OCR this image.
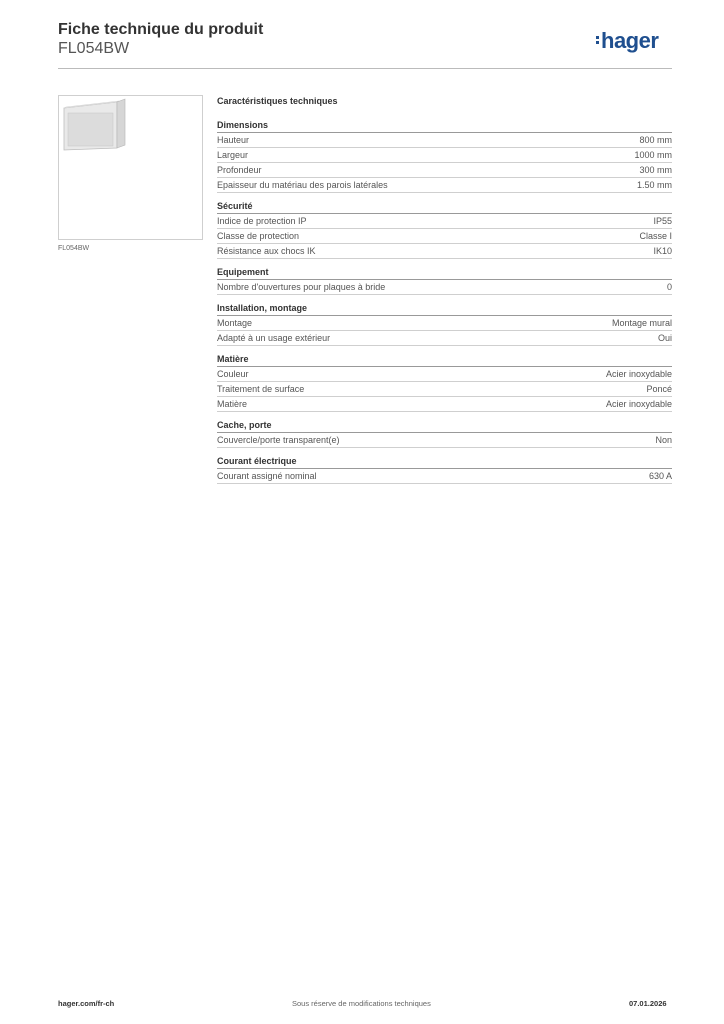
Fiche technique du produit
FL054BW	hager
FL054BW
Caractéristiques techniques
Dimensions
Hauteur	800 mm
Largeur	1000 mm
Profondeur	300 mm
Epaisseur du matériau des parois latérales	1.50 mm
Sécurité
Indice de protection IP	IP55
Classe de protection	Classe I
Résistance aux chocs IK	IK10
Equipement
Nombre d'ouvertures pour plaques à bride	0
Installation, montage
Montage	Montage mural
Adapté à un usage extérieur	Oui
Matière
Couleur	Acier inoxydable
Traitement de surface	Poncé
Matière	Acier inoxydable
Cache, porte
Couvercle/porte transparent(e)	Non
Courant électrique
Courant assigné nominal	630 A
hager.com/fr-ch	Sous réserve de modifications techniques	07.01.2026
